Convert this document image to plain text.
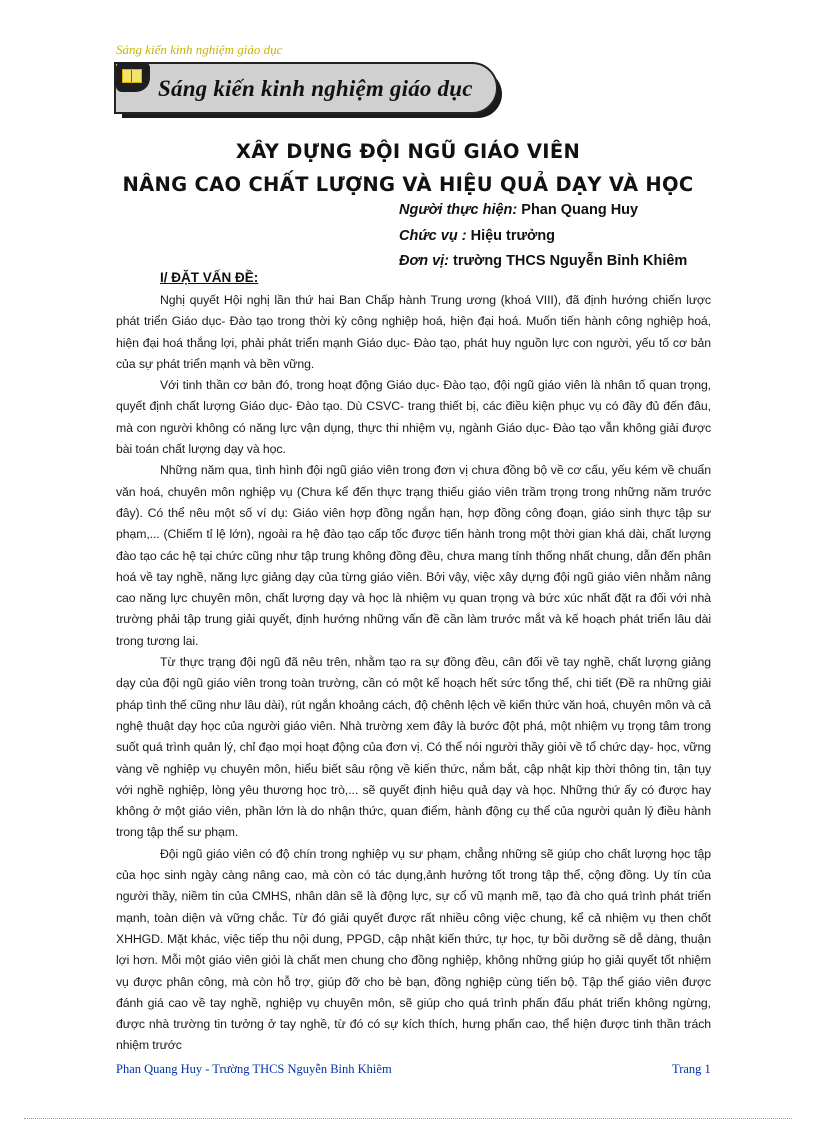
Sáng kiến kinh nghiệm giáo dục
Sáng kiến kinh nghiệm giáo dục
XÂY DỰNG ĐỘI NGŨ GIÁO VIÊN
NÂNG CAO CHẤT LƯỢNG VÀ HIỆU QUẢ DẠY VÀ HỌC
Người thực hiện: Phan Quang Huy
Chức vụ : Hiệu trưởng
Đơn vị: trường THCS Nguyễn Bỉnh Khiêm
I/ ĐẶT VẤN ĐỀ:

Nghị quyết Hội nghị lần thứ hai Ban Chấp hành Trung ương (khoá VIII), đã định hướng chiến lược phát triển Giáo dục- Đào tạo trong thời kỳ công nghiệp hoá, hiện đại hoá. Muốn tiến hành công nghiệp hoá, hiện đại hoá thắng lợi, phải phát triển mạnh Giáo dục- Đào tạo, phát huy nguồn lực con người, yếu tố cơ bản của sự phát triển mạnh và bền vững.

Với tinh thần cơ bản đó, trong hoạt động Giáo dục- Đào tạo, đội ngũ giáo viên là nhân tố quan trọng, quyết định chất lượng Giáo dục- Đào tạo. Dù CSVC- trang thiết bị, các điều kiện phục vụ có đầy đủ đến đâu, mà con người không có năng lực vận dụng, thực thi nhiệm vụ, ngành Giáo dục- Đào tạo vẫn không giải được bài toán chất lượng dạy và học.

Những năm qua, tình hình đội ngũ giáo viên trong đơn vị chưa đồng bộ về cơ cấu, yếu kém về chuẩn văn hoá, chuyên môn nghiệp vụ (Chưa kể đến thực trạng thiếu giáo viên trầm trọng trong những năm trước đây). Có thể nêu một số ví dụ: Giáo viên hợp đồng ngắn hạn, hợp đồng công đoạn, giáo sinh thực tập sư phạm,... (Chiếm tỉ lệ lớn), ngoài ra hệ đào tạo cấp tốc được tiến hành trong một thời gian khá dài, chất lượng đào tạo các hệ tại chức cũng như tập trung không đồng đều, chưa mang tính thống nhất chung, dẫn đến phân hoá về tay nghề, năng lực giảng dạy của từng giáo viên. Bởi vậy, việc xây dựng đội ngũ giáo viên nhằm nâng cao năng lực chuyên môn, chất lượng dạy và học là nhiệm vụ quan trọng và bức xúc nhất đặt ra đối với nhà trường phải tập trung giải quyết, định hướng những vấn đề cần làm trước mắt và kế hoạch phát triển lâu dài trong tương lai.

Từ thực trạng đội ngũ đã nêu trên, nhằm tạo ra sự đồng đều, cân đối về tay nghề, chất lượng giảng dạy của đội ngũ giáo viên trong toàn trường, cần có một kế hoạch hết sức tổng thể, chi tiết (Đề ra những giải pháp tình thế cũng như lâu dài), rút ngắn khoảng cách, độ chênh lệch về kiến thức văn hoá, chuyên môn và cả nghệ thuật dạy học của người giáo viên. Nhà trường xem đây là bước đột phá, một nhiệm vụ trọng tâm trong suốt quá trình quản lý, chỉ đạo mọi hoạt động của đơn vị. Có thể nói người thầy giỏi về tổ chức dạy- học, vững vàng về nghiệp vụ chuyên môn, hiểu biết sâu rộng về kiến thức, nắm bắt, cập nhật kịp thời thông tin, tận tụy với nghề nghiệp, lòng yêu thương học trò,... sẽ quyết định hiệu quả dạy và học. Những thứ ấy có được hay không ở một giáo viên, phần lớn là do nhận thức, quan điểm, hành động cụ thể của người quản lý điều hành trong tập thể sư phạm.

Đội ngũ giáo viên có độ chín trong nghiệp vụ sư phạm, chẳng những sẽ giúp cho chất lượng học tập của học sinh ngày càng nâng cao, mà còn có tác dụng,ảnh hưởng tốt trong tập thể, cộng đồng. Uy tín của người thầy, niềm tin của CMHS, nhân dân sẽ là động lực, sự cổ vũ mạnh mẽ, tạo đà cho quá trình phát triển mạnh, toàn diện và vững chắc. Từ đó giải quyết được rất nhiều công việc chung, kể cả nhiệm vụ then chốt XHHGD. Mặt khác, việc tiếp thu nội dung, PPGD, cập nhật kiến thức, tự học, tự bồi dưỡng sẽ dễ dàng, thuận lợi hơn. Mỗi một giáo viên giỏi là chất men chung cho đồng nghiệp, không những giúp họ giải quyết tốt nhiệm vụ được phân công, mà còn hỗ trợ, giúp đỡ cho bè bạn, đồng nghiệp cùng tiến bộ. Tập thể giáo viên được đánh giá cao về tay nghề, nghiệp vụ chuyên môn, sẽ giúp cho quá trình phấn đấu phát triển không ngừng, được nhà trường tin tưởng ở tay nghề, từ đó có sự kích thích, hưng phấn cao, thể hiện được tinh thần trách nhiệm trước

Phan Quang Huy - Trường THCS Nguyễn Bỉnh Khiêm	Trang 1
